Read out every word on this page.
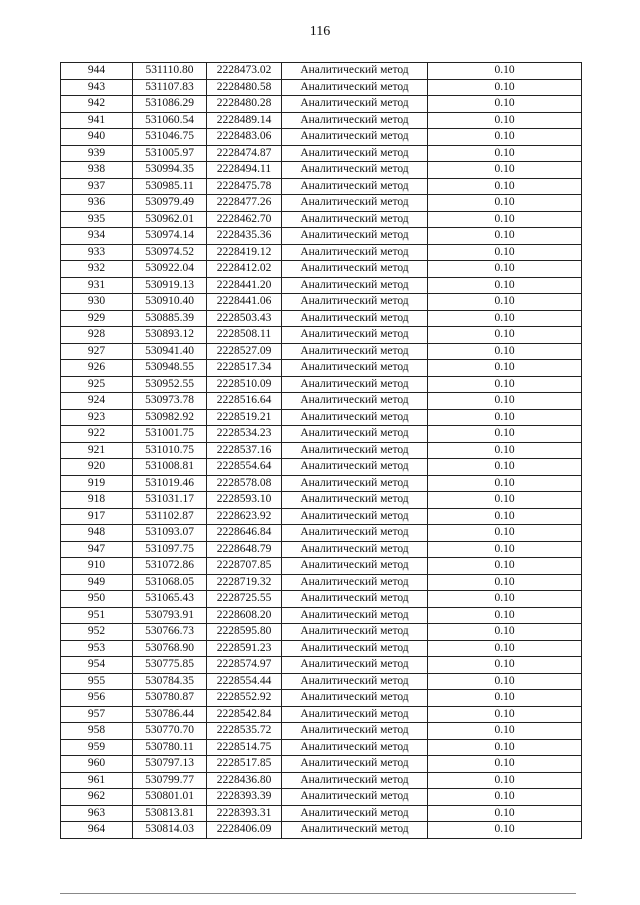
116
944	531110.80	2228473.02	Аналитический метод	0.10
943	531107.83	2228480.58	Аналитический метод	0.10
942	531086.29	2228480.28	Аналитический метод	0.10
941	531060.54	2228489.14	Аналитический метод	0.10
940	531046.75	2228483.06	Аналитический метод	0.10
939	531005.97	2228474.87	Аналитический метод	0.10
938	530994.35	2228494.11	Аналитический метод	0.10
937	530985.11	2228475.78	Аналитический метод	0.10
936	530979.49	2228477.26	Аналитический метод	0.10
935	530962.01	2228462.70	Аналитический метод	0.10
934	530974.14	2228435.36	Аналитический метод	0.10
933	530974.52	2228419.12	Аналитический метод	0.10
932	530922.04	2228412.02	Аналитический метод	0.10
931	530919.13	2228441.20	Аналитический метод	0.10
930	530910.40	2228441.06	Аналитический метод	0.10
929	530885.39	2228503.43	Аналитический метод	0.10
928	530893.12	2228508.11	Аналитический метод	0.10
927	530941.40	2228527.09	Аналитический метод	0.10
926	530948.55	2228517.34	Аналитический метод	0.10
925	530952.55	2228510.09	Аналитический метод	0.10
924	530973.78	2228516.64	Аналитический метод	0.10
923	530982.92	2228519.21	Аналитический метод	0.10
922	531001.75	2228534.23	Аналитический метод	0.10
921	531010.75	2228537.16	Аналитический метод	0.10
920	531008.81	2228554.64	Аналитический метод	0.10
919	531019.46	2228578.08	Аналитический метод	0.10
918	531031.17	2228593.10	Аналитический метод	0.10
917	531102.87	2228623.92	Аналитический метод	0.10
948	531093.07	2228646.84	Аналитический метод	0.10
947	531097.75	2228648.79	Аналитический метод	0.10
910	531072.86	2228707.85	Аналитический метод	0.10
949	531068.05	2228719.32	Аналитический метод	0.10
950	531065.43	2228725.55	Аналитический метод	0.10
951	530793.91	2228608.20	Аналитический метод	0.10
952	530766.73	2228595.80	Аналитический метод	0.10
953	530768.90	2228591.23	Аналитический метод	0.10
954	530775.85	2228574.97	Аналитический метод	0.10
955	530784.35	2228554.44	Аналитический метод	0.10
956	530780.87	2228552.92	Аналитический метод	0.10
957	530786.44	2228542.84	Аналитический метод	0.10
958	530770.70	2228535.72	Аналитический метод	0.10
959	530780.11	2228514.75	Аналитический метод	0.10
960	530797.13	2228517.85	Аналитический метод	0.10
961	530799.77	2228436.80	Аналитический метод	0.10
962	530801.01	2228393.39	Аналитический метод	0.10
963	530813.81	2228393.31	Аналитический метод	0.10
964	530814.03	2228406.09	Аналитический метод	0.10
